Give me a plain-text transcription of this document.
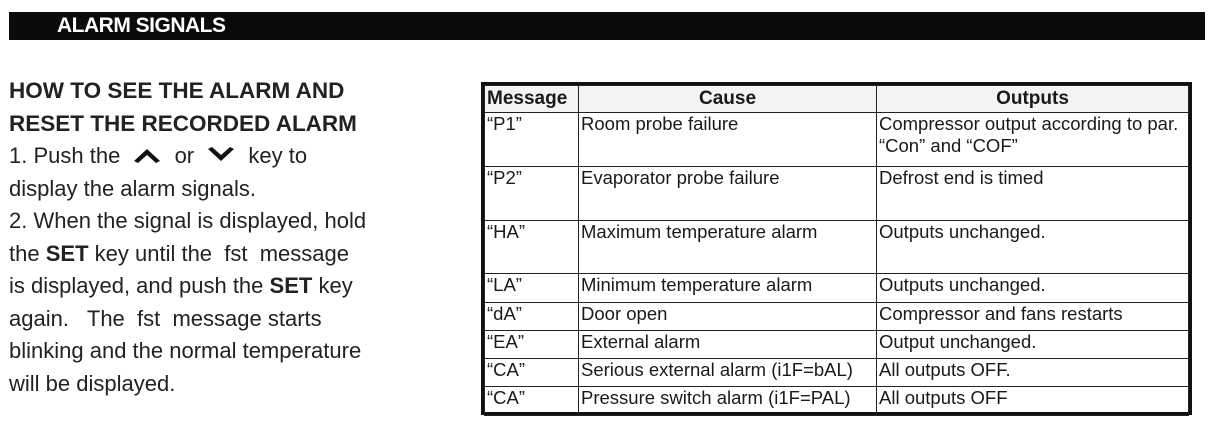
ALARM SIGNALS
HOW TO SEE THE ALARM AND
RESET THE RECORDED ALARM
1. Push the or key to
display the alarm signals.
2. When the signal is displayed, hold
the SET key until the  fst  message
is displayed, and push the SET key
again.   The  fst  message starts
blinking and the normal temperature
will be displayed.
Message	Cause	Outputs
“P1”	Room probe failure	Compressor output according to par.
“Con” and “COF”

“P2”	Evaporator probe failure	Defrost end is timed
“HA”	Maximum temperature alarm	Outputs unchanged.
“LA”	Minimum temperature alarm	Outputs unchanged.
“dA”	Door open	Compressor and fans restarts
“EA”	External alarm	Output unchanged.
“CA”	Serious external alarm (i1F=bAL)	All outputs OFF.
“CA”	Pressure switch alarm (i1F=PAL)	All outputs OFF
